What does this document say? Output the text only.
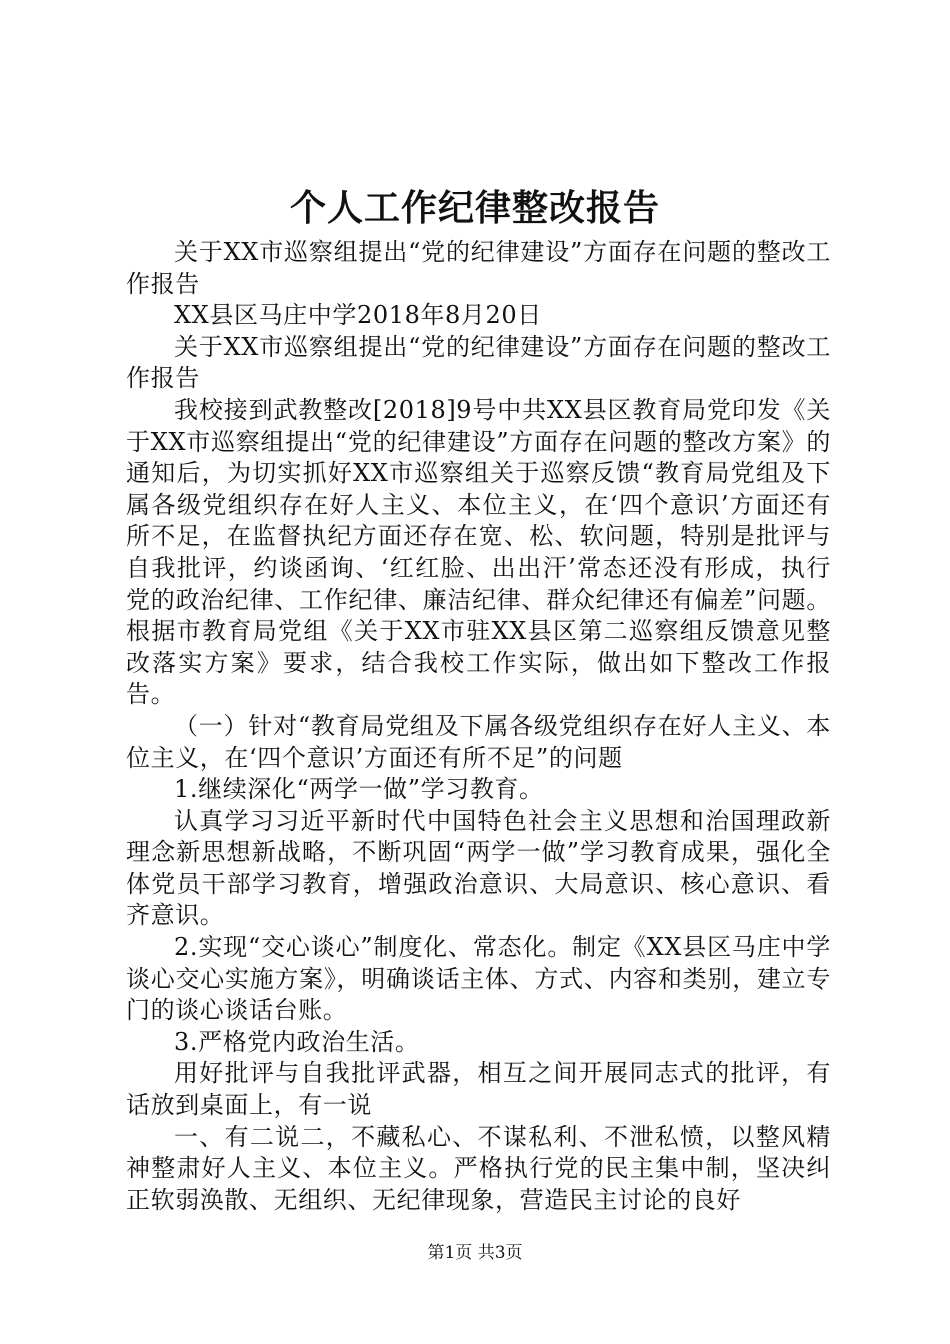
个人工作纪律整改报告

关于XX市巡察组提出“党的纪律建设”方面存在问题的整改工作报告

XX县区马庄中学2018年8月20日

关于XX市巡察组提出“党的纪律建设”方面存在问题的整改工作报告

我校接到武教整改[2018]9号中共XX县区教育局党印发《关于XX市巡察组提出“党的纪律建设”方面存在问题的整改方案》的通知后，为切实抓好XX市巡察组关于巡察反馈“教育局党组及下属各级党组织存在好人主义、本位主义，在‘四个意识’方面还有所不足，在监督执纪方面还存在宽、松、软问题，特别是批评与自我批评，约谈函询、‘红红脸、出出汗’常态还没有形成，执行党的政治纪律、工作纪律、廉洁纪律、群众纪律还有偏差”问题。根据市教育局党组《关于XX市驻XX县区第二巡察组反馈意见整改落实方案》要求，结合我校工作实际，做出如下整改工作报告。

（一）针对“教育局党组及下属各级党组织存在好人主义、本位主义，在‘四个意识’方面还有所不足”的问题

1.继续深化“两学一做”学习教育。

认真学习习近平新时代中国特色社会主义思想和治国理政新理念新思想新战略，不断巩固“两学一做”学习教育成果，强化全体党员干部学习教育，增强政治意识、大局意识、核心意识、看齐意识。

2.实现“交心谈心”制度化、常态化。制定《XX县区马庄中学谈心交心实施方案》，明确谈话主体、方式、内容和类别，建立专门的谈心谈话台账。

3.严格党内政治生活。

用好批评与自我批评武器，相互之间开展同志式的批评，有话放到桌面上，有一说

一、有二说二，不藏私心、不谋私利、不泄私愤，以整风精神整肃好人主义、本位主义。严格执行党的民主集中制，坚决纠正软弱涣散、无组织、无纪律现象，营造民主讨论的良好

第1页 共3页
